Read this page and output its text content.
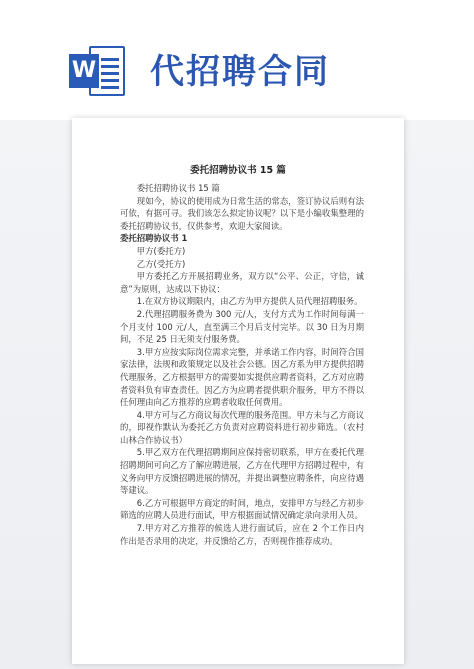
W 代招聘合同
委托招聘协议书 15 篇

委托招聘协议书 15 篇

现如今，协议的使用成为日常生活的常态，签订协议后则有法可依，有据可寻。我们该怎么拟定协议呢？以下是小编收集整理的委托招聘协议书，仅供参考，欢迎大家阅读。

委托招聘协议书 1

甲方(委托方)

乙方(受托方)

甲方委托乙方开展招聘业务，双方以“公平、公正，守信，诚意”为原则，达成以下协议：

1.在双方协议期限内，由乙方为甲方提供人员代理招聘服务。

2.代理招聘服务费为 300 元/人，支付方式为工作时间每满一个月支付 100 元/人，直至满三个月后支付完毕。以 30 日为月期间，不足 25 日无须支付服务费。

3.甲方应按实际岗位需求完整，并承诺工作内容，时间符合国家法律，法规和政策规定以及社会公德。因乙方系为甲方提供招聘代理服务，乙方根据甲方的需要如实提供应聘者资料，乙方对应聘者资料负有审查责任。因乙方为应聘者提供职介服务，甲方不得以任何理由向乙方推荐的应聘者收取任何费用。

4.甲方可与乙方商议每次代理的服务范围。甲方未与乙方商议的，即视作默认为委托乙方负责对应聘资料进行初步筛选。（农村山林合作协议书）

5.甲乙双方在代理招聘期间应保持密切联系，甲方在委托代理招聘期间可向乙方了解应聘进展，乙方在代理甲方招聘过程中，有义务向甲方反馈招聘进展的情况，并提出调整应聘条件，向应待遇等建议。

6.乙方可根据甲方商定的时间，地点，安排甲方与经乙方初步筛选的应聘人员进行面试，甲方根据面试情况确定录向录用人员。

7.甲方对乙方推荐的候选人进行面试后，应在 2 个工作日内作出是否录用的决定，并反馈给乙方，否则视作推荐成功。
